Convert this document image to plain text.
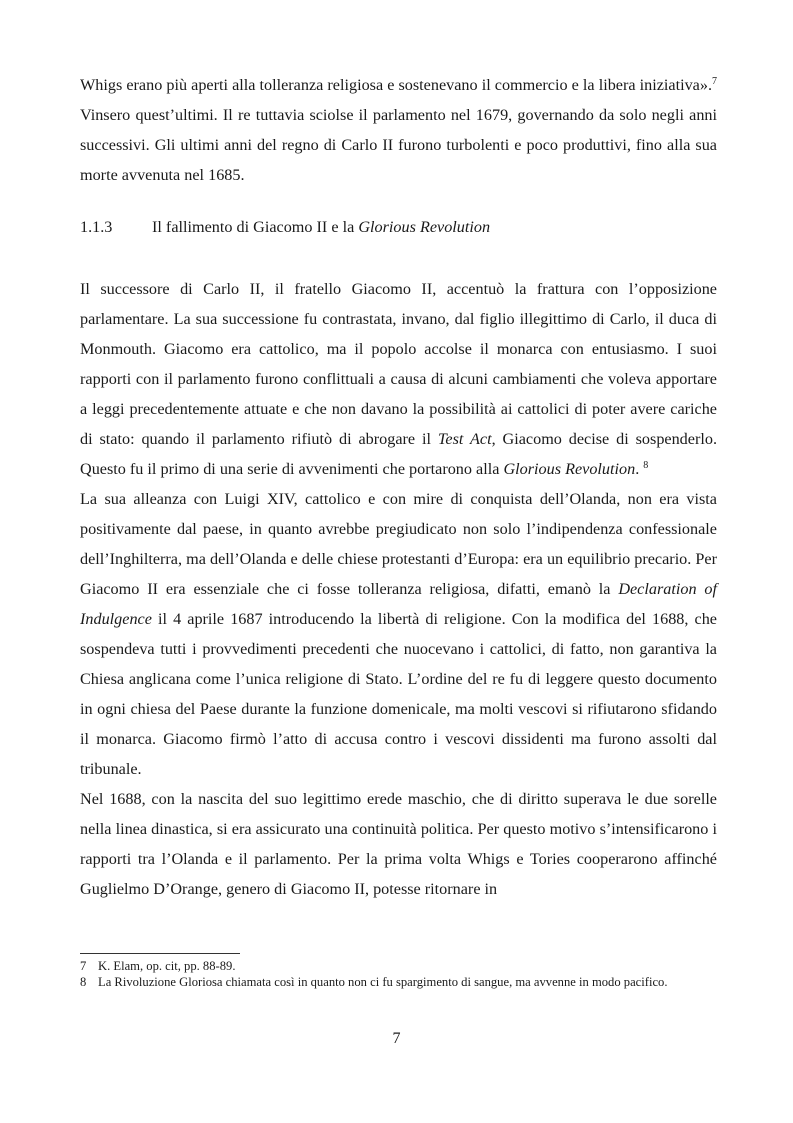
Whigs erano più aperti alla tolleranza religiosa e sostenevano il commercio e la libera iniziativa».$^7$ Vinsero quest’ultimi. Il re tuttavia sciolse il parlamento nel 1679, governando da solo negli anni successivi. Gli ultimi anni del regno di Carlo II furono turbolenti e poco produttivi, fino alla sua morte avvenuta nel 1685.

1.1.3 Il fallimento di Giacomo II e la Glorious Revolution

Il successore di Carlo II, il fratello Giacomo II, accentuò la frattura con l’opposizione parlamentare. La sua successione fu contrastata, invano, dal figlio illegittimo di Carlo, il duca di Monmouth. Giacomo era cattolico, ma il popolo accolse il monarca con entusiasmo. I suoi rapporti con il parlamento furono conflittuali a causa di alcuni cambiamenti che voleva apportare a leggi precedentemente attuate e che non davano la possibilità ai cattolici di poter avere cariche di stato: quando il parlamento rifiutò di abrogare il Test Act, Giacomo decise di sospenderlo. Questo fu il primo di una serie di avvenimenti che portarono alla Glorious Revolution. $^8$

La sua alleanza con Luigi XIV, cattolico e con mire di conquista dell’Olanda, non era vista positivamente dal paese, in quanto avrebbe pregiudicato non solo l’indipendenza confessionale dell’Inghilterra, ma dell’Olanda e delle chiese protestanti d’Europa: era un equilibrio precario. Per Giacomo II era essenziale che ci fosse tolleranza religiosa, difatti, emanò la Declaration of Indulgence il 4 aprile 1687 introducendo la libertà di religione. Con la modifica del 1688, che sospendeva tutti i provvedimenti precedenti che nuocevano i cattolici, di fatto, non garantiva la Chiesa anglicana come l’unica religione di Stato. L’ordine del re fu di leggere questo documento in ogni chiesa del Paese durante la funzione domenicale, ma molti vescovi si rifiutarono sfidando il monarca. Giacomo firmò l’atto di accusa contro i vescovi dissidenti ma furono assolti dal tribunale.

Nel 1688, con la nascita del suo legittimo erede maschio, che di diritto superava le due sorelle nella linea dinastica, si era assicurato una continuità politica. Per questo motivo s’intensificarono i rapporti tra l’Olanda e il parlamento. Per la prima volta Whigs e Tories cooperarono affinché Guglielmo D’Orange, genero di Giacomo II, potesse ritornare in

7 K. Elam, op. cit, pp. 88-89.
8 La Rivoluzione Gloriosa chiamata così in quanto non ci fu spargimento di sangue, ma avvenne in modo pacifico.
7
